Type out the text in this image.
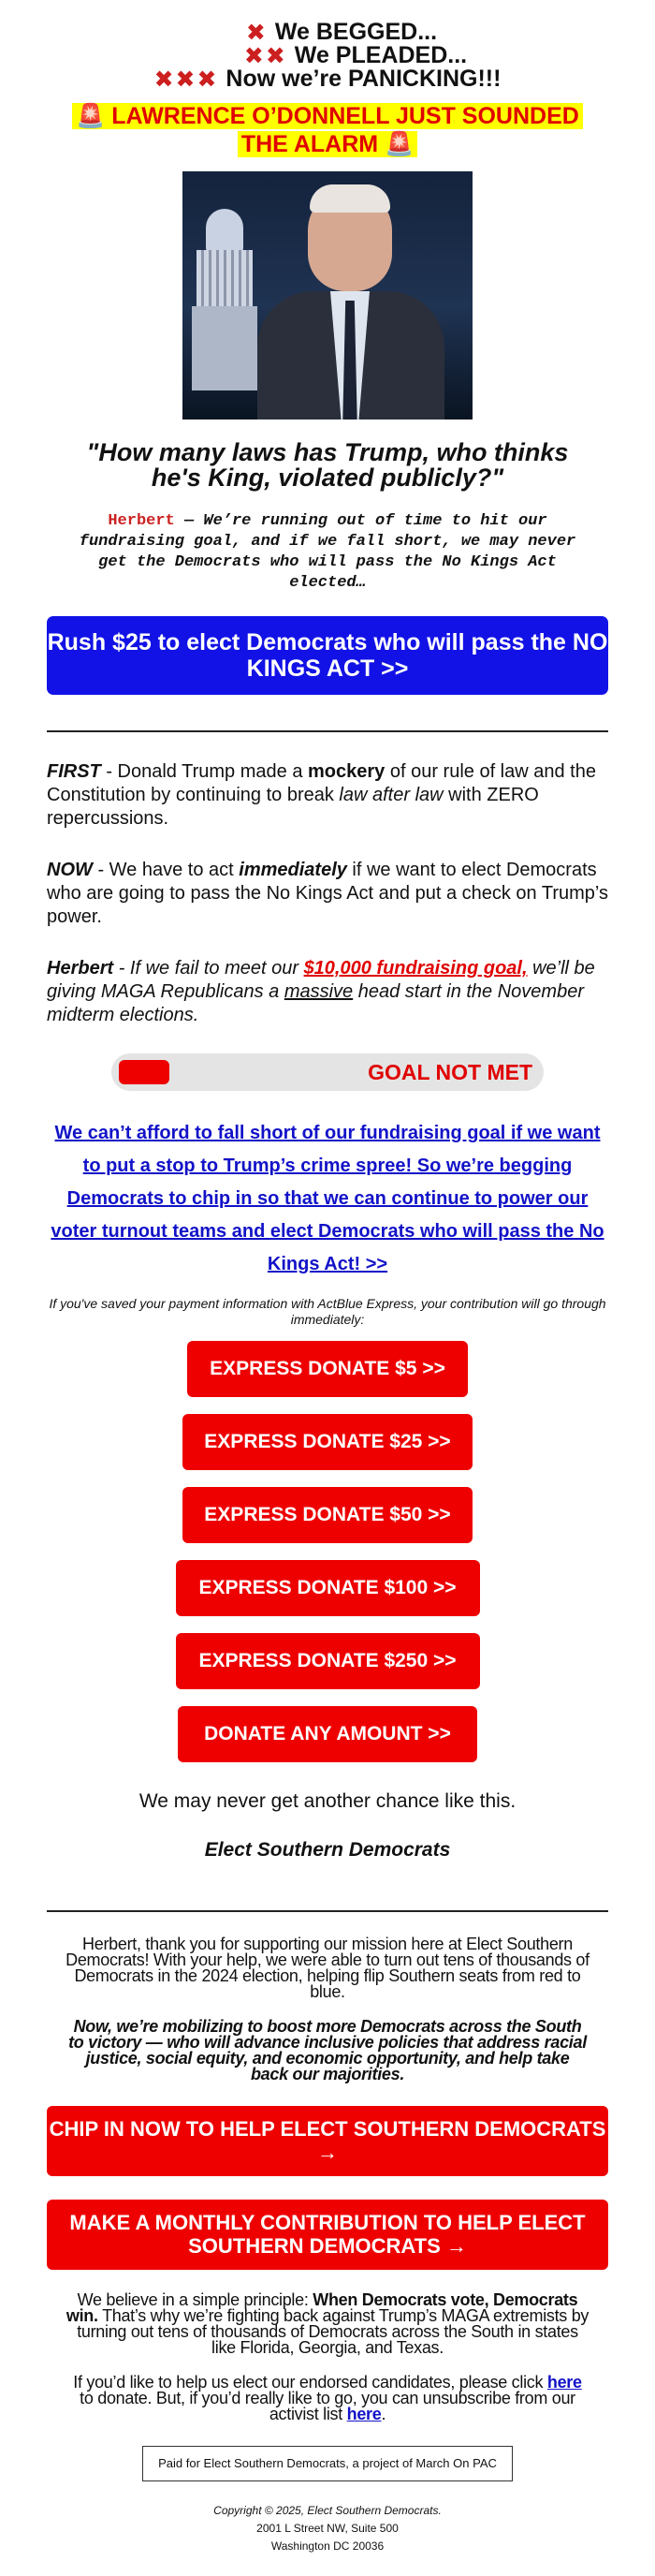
✖ We BEGGED...
✖✖ We PLEADED...
✖✖✖ Now we’re PANICKING!!!
🚨 LAWRENCE O’DONNELL JUST SOUNDED THE ALARM 🚨
"How many laws has Trump, who thinks he's King, violated publicly?"
Herbert — We’re running out of time to hit our fundraising goal, and if we fall short, we may never get the Democrats who will pass the No Kings Act elected…
Rush $25 to elect Democrats who will pass the NO KINGS ACT >>

FIRST - Donald Trump made a mockery of our rule of law and the Constitution by continuing to break law after law with ZERO repercussions.

NOW - We have to act immediately if we want to elect Democrats who are going to pass the No Kings Act and put a check on Trump’s power.

Herbert - If we fail to meet our $10,000 fundraising goal, we’ll be giving MAGA Republicans a massive head start in the November midterm elections.

GOAL NOT MET
We can’t afford to fall short of our fundraising goal if we want to put a stop to Trump’s crime spree! So we’re begging Democrats to chip in so that we can continue to power our voter turnout teams and elect Democrats who will pass the No Kings Act! >>
If you've saved your payment information with ActBlue Express, your contribution will go through immediately:
EXPRESS DONATE $5 >>
EXPRESS DONATE $25 >>
EXPRESS DONATE $50 >>
EXPRESS DONATE $100 >>
EXPRESS DONATE $250 >>
DONATE ANY AMOUNT >>
We may never get another chance like this.
Elect Southern Democrats
Herbert, thank you for supporting our mission here at Elect Southern Democrats! With your help, we were able to turn out tens of thousands of Democrats in the 2024 election, helping flip Southern seats from red to blue.
Now, we’re mobilizing to boost more Democrats across the South to victory — who will advance inclusive policies that address racial justice, social equity, and economic opportunity, and help take back our majorities.
CHIP IN NOW TO HELP ELECT SOUTHERN DEMOCRATS →
MAKE A MONTHLY CONTRIBUTION TO HELP ELECT SOUTHERN DEMOCRATS →
We believe in a simple principle: When Democrats vote, Democrats win. That’s why we’re fighting back against Trump’s MAGA extremists by turning out tens of thousands of Democrats across the South in states like Florida, Georgia, and Texas.
If you’d like to help us elect our endorsed candidates, please click here to donate. But, if you’d really like to go, you can unsubscribe from our activist list here.
Paid for Elect Southern Democrats, a project of March On PAC
Copyright © 2025, Elect Southern Democrats.
2001 L Street NW, Suite 500
Washington DC 20036
